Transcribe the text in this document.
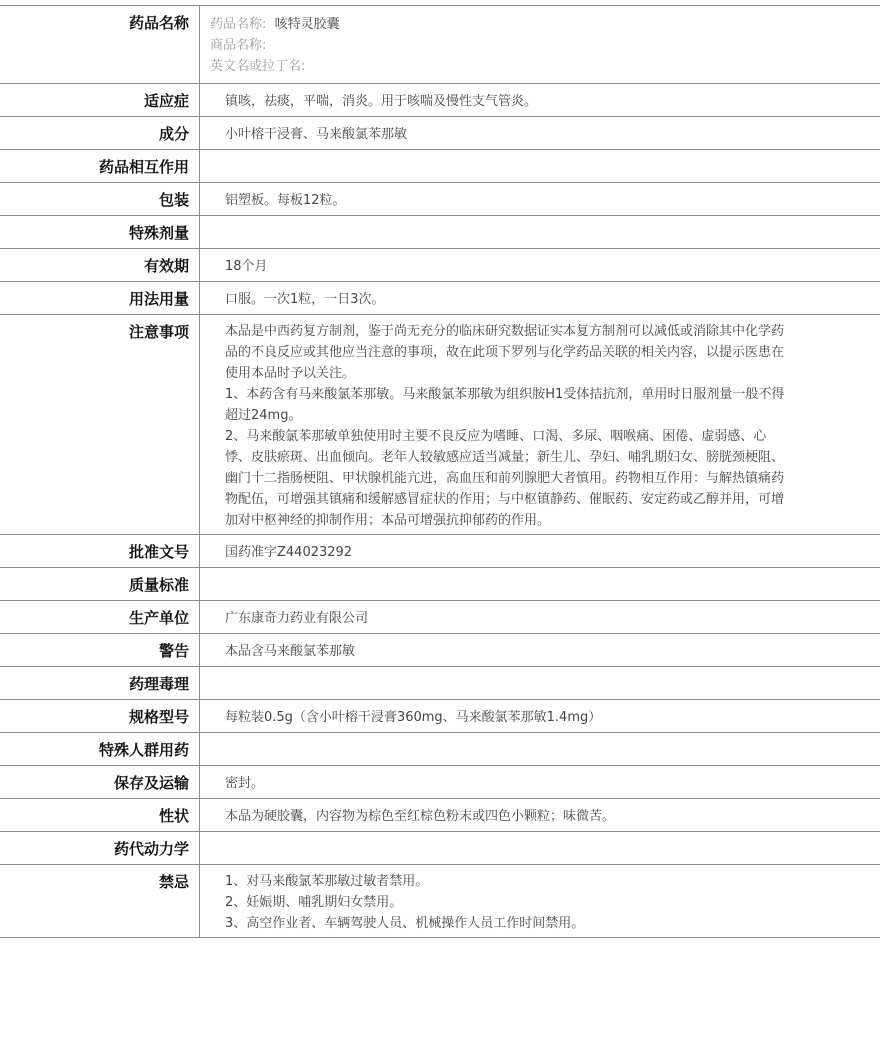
药品名称	药品名称: 咳特灵胶囊
商品名称:
英文名或拉丁名:
适应症	镇咳，祛痰，平喘，消炎。用于咳喘及慢性支气管炎。
成分	小叶榕干浸膏、马来酸氯苯那敏
药品相互作用
包装	铝塑板。每板12粒。
特殊剂量
有效期	18个月
用法用量	口服。一次1粒，一日3次。
注意事项	本品是中西药复方制剂，鉴于尚无充分的临床研究数据证实本复方制剂可以减低或消除其中化学药品的不良反应或其他应当注意的事项，故在此项下罗列与化学药品关联的相关内容，以提示医患在使用本品时予以关注。
1、本药含有马来酸氯苯那敏。马来酸氯苯那敏为组织胺H1受体拮抗剂，单用时日服剂量一般不得超过24mg。
2、马来酸氯苯那敏单独使用时主要不良反应为嗜睡、口渴、多尿、咽喉痛、困倦、虚弱感、心悸、皮肤瘀斑、出血倾向。老年人较敏感应适当减量；新生儿、孕妇、哺乳期妇女、膀胱颈梗阻、幽门十二指肠梗阻、甲状腺机能亢进，高血压和前列腺肥大者慎用。药物相互作用：与解热镇痛药物配伍，可增强其镇痛和缓解感冒症状的作用；与中枢镇静药、催眠药、安定药或乙醇并用，可增加对中枢神经的抑制作用；本品可增强抗抑郁药的作用。
批准文号	国药准字Z44023292
质量标准
生产单位	广东康奇力药业有限公司
警告	本品含马来酸氯苯那敏
药理毒理
规格型号	每粒装0.5g（含小叶榕干浸膏360mg、马来酸氯苯那敏1.4mg）
特殊人群用药
保存及运输	密封。
性状	本品为硬胶囊，内容物为棕色至红棕色粉末或四色小颗粒；味微苦。
药代动力学
禁忌	1、对马来酸氯苯那敏过敏者禁用。
2、妊娠期、哺乳期妇女禁用。
3、高空作业者、车辆驾驶人员、机械操作人员工作时间禁用。
